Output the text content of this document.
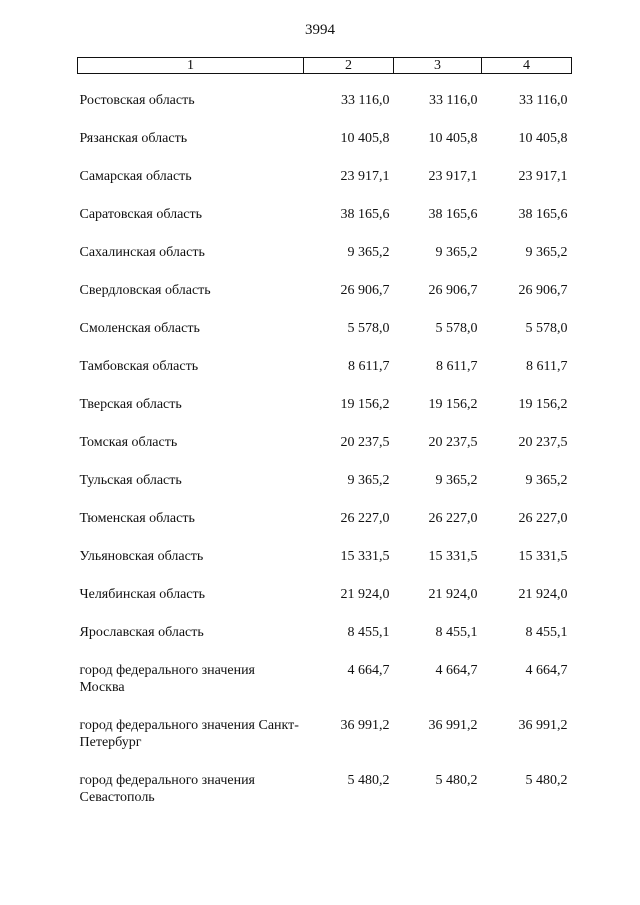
3994
1	2	3	4
Ростовская область	33 116,0	33 116,0	33 116,0
Рязанская область	10 405,8	10 405,8	10 405,8
Самарская область	23 917,1	23 917,1	23 917,1
Саратовская область	38 165,6	38 165,6	38 165,6
Сахалинская область	9 365,2	9 365,2	9 365,2
Свердловская область	26 906,7	26 906,7	26 906,7
Смоленская область	5 578,0	5 578,0	5 578,0
Тамбовская область	8 611,7	8 611,7	8 611,7
Тверская область	19 156,2	19 156,2	19 156,2
Томская область	20 237,5	20 237,5	20 237,5
Тульская область	9 365,2	9 365,2	9 365,2
Тюменская область	26 227,0	26 227,0	26 227,0
Ульяновская область	15 331,5	15 331,5	15 331,5
Челябинская область	21 924,0	21 924,0	21 924,0
Ярославская область	8 455,1	8 455,1	8 455,1
город федерального значения Москва	4 664,7	4 664,7	4 664,7
город федерального значения Санкт-Петербург	36 991,2	36 991,2	36 991,2
город федерального значения Севастополь	5 480,2	5 480,2	5 480,2
